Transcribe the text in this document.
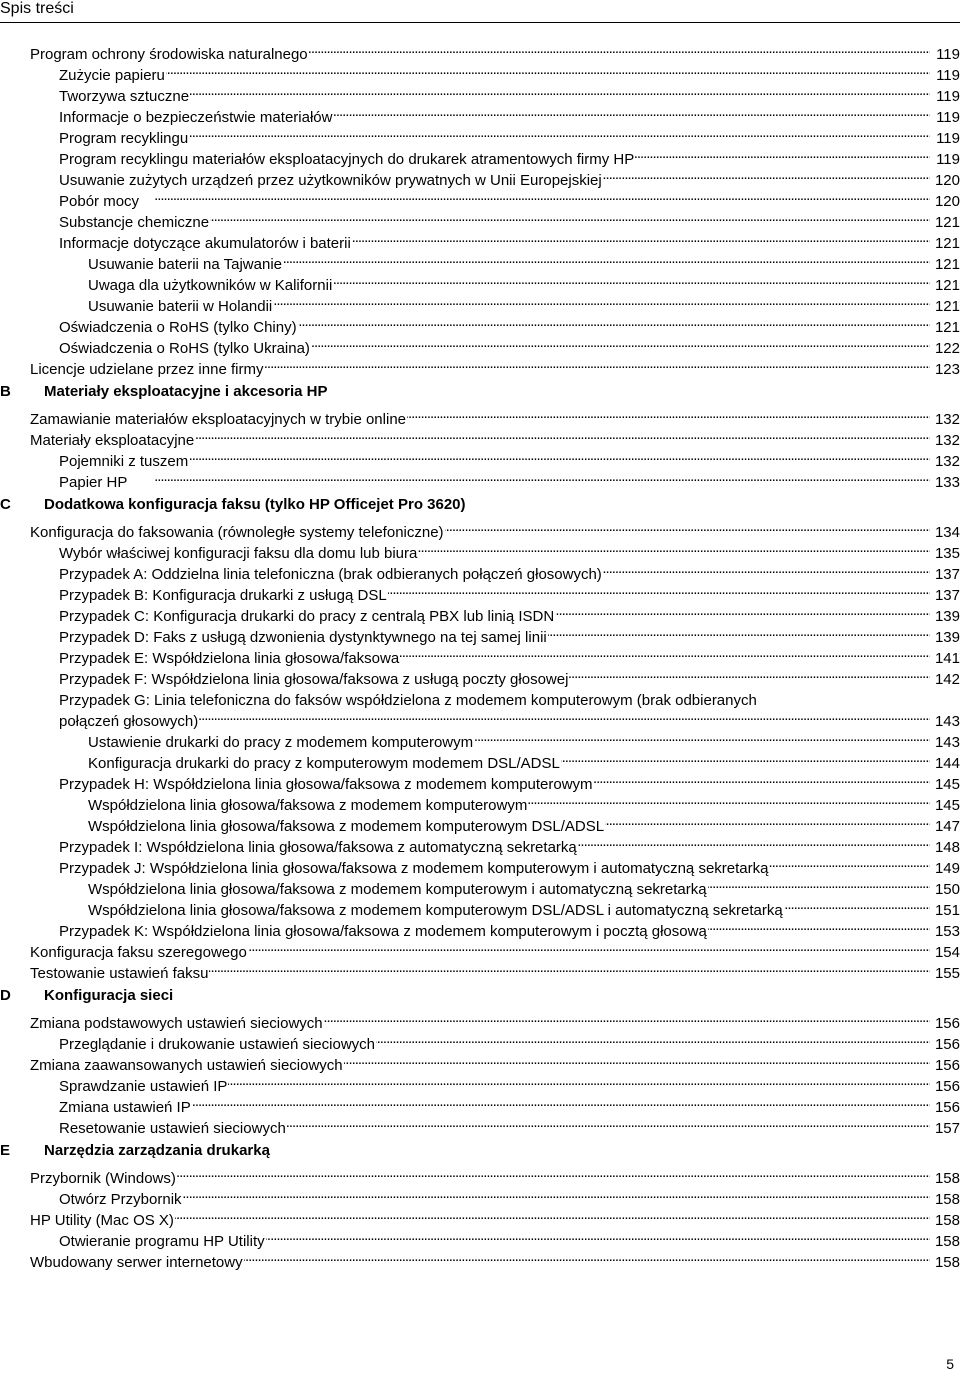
Spis treści
Program ochrony środowiska naturalnego . . .	119
Zużycie papieru . . .	119
Tworzywa sztuczne . . .	119
Informacje o bezpieczeństwie materiałów . . .	119
Program recyklingu . . .	119
Program recyklingu materiałów eksploatacyjnych do drukarek atramentowych firmy HP . . .	119
Usuwanie zużytych urządzeń przez użytkowników prywatnych w Unii Europejskiej . . .	120
Pobór mocy . . .	120
Substancje chemiczne . . .	121
Informacje dotyczące akumulatorów i baterii . . .	121
Usuwanie baterii na Tajwanie . . .	121
Uwaga dla użytkowników w Kalifornii . . .	121
Usuwanie baterii w Holandii . . .	121
Oświadczenia o RoHS (tylko Chiny) . . .	121
Oświadczenia o RoHS (tylko Ukraina) . . .	122
Licencje udzielane przez inne firmy . . .	123
B Materiały eksploatacyjne i akcesoria HP
Zamawianie materiałów eksploatacyjnych w trybie online . . .	132
Materiały eksploatacyjne . . .	132
Pojemniki z tuszem . . .	132
Papier HP . . .	133
C Dodatkowa konfiguracja faksu (tylko HP Officejet Pro 3620)
Konfiguracja do faksowania (równoległe systemy telefoniczne) . . .	134
Wybór właściwej konfiguracji faksu dla domu lub biura . . .	135
Przypadek A: Oddzielna linia telefoniczna (brak odbieranych połączeń głosowych) . . .	137
Przypadek B: Konfiguracja drukarki z usługą DSL . . .	137
Przypadek C: Konfiguracja drukarki do pracy z centralą PBX lub linią ISDN . . .	139
Przypadek D: Faks z usługą dzwonienia dystynktywnego na tej samej linii . . .	139
Przypadek E: Współdzielona linia głosowa/faksowa . . .	141
Przypadek F: Współdzielona linia głosowa/faksowa z usługą poczty głosowej . . .	142
Przypadek G: Linia telefoniczna do faksów współdzielona z modemem komputerowym (brak odbieranych
połączeń głosowych) . . .	143
Ustawienie drukarki do pracy z modemem komputerowym . . .	143
Konfiguracja drukarki do pracy z komputerowym modemem DSL/ADSL . . .	144
Przypadek H: Współdzielona linia głosowa/faksowa z modemem komputerowym . . .	145
Współdzielona linia głosowa/faksowa z modemem komputerowym . . .	145
Współdzielona linia głosowa/faksowa z modemem komputerowym DSL/ADSL . . .	147
Przypadek I: Współdzielona linia głosowa/faksowa z automatyczną sekretarką . . .	148
Przypadek J: Współdzielona linia głosowa/faksowa z modemem komputerowym i automatyczną sekretarką . . .	149
Współdzielona linia głosowa/faksowa z modemem komputerowym i automatyczną sekretarką . . .	150
Współdzielona linia głosowa/faksowa z modemem komputerowym DSL/ADSL i automatyczną sekretarką . . .	151
Przypadek K: Współdzielona linia głosowa/faksowa z modemem komputerowym i pocztą głosową . . .	153
Konfiguracja faksu szeregowego . . .	154
Testowanie ustawień faksu . . .	155
D Konfiguracja sieci
Zmiana podstawowych ustawień sieciowych . . .	156
Przeglądanie i drukowanie ustawień sieciowych . . .	156
Zmiana zaawansowanych ustawień sieciowych . . .	156
Sprawdzanie ustawień IP . . .	156
Zmiana ustawień IP . . .	156
Resetowanie ustawień sieciowych . . .	157
E Narzędzia zarządzania drukarką
Przybornik (Windows) . . .	158
Otwórz Przybornik . . .	158
HP Utility (Mac OS X) . . .	158
Otwieranie programu HP Utility . . .	158
Wbudowany serwer internetowy . . .	158
5
